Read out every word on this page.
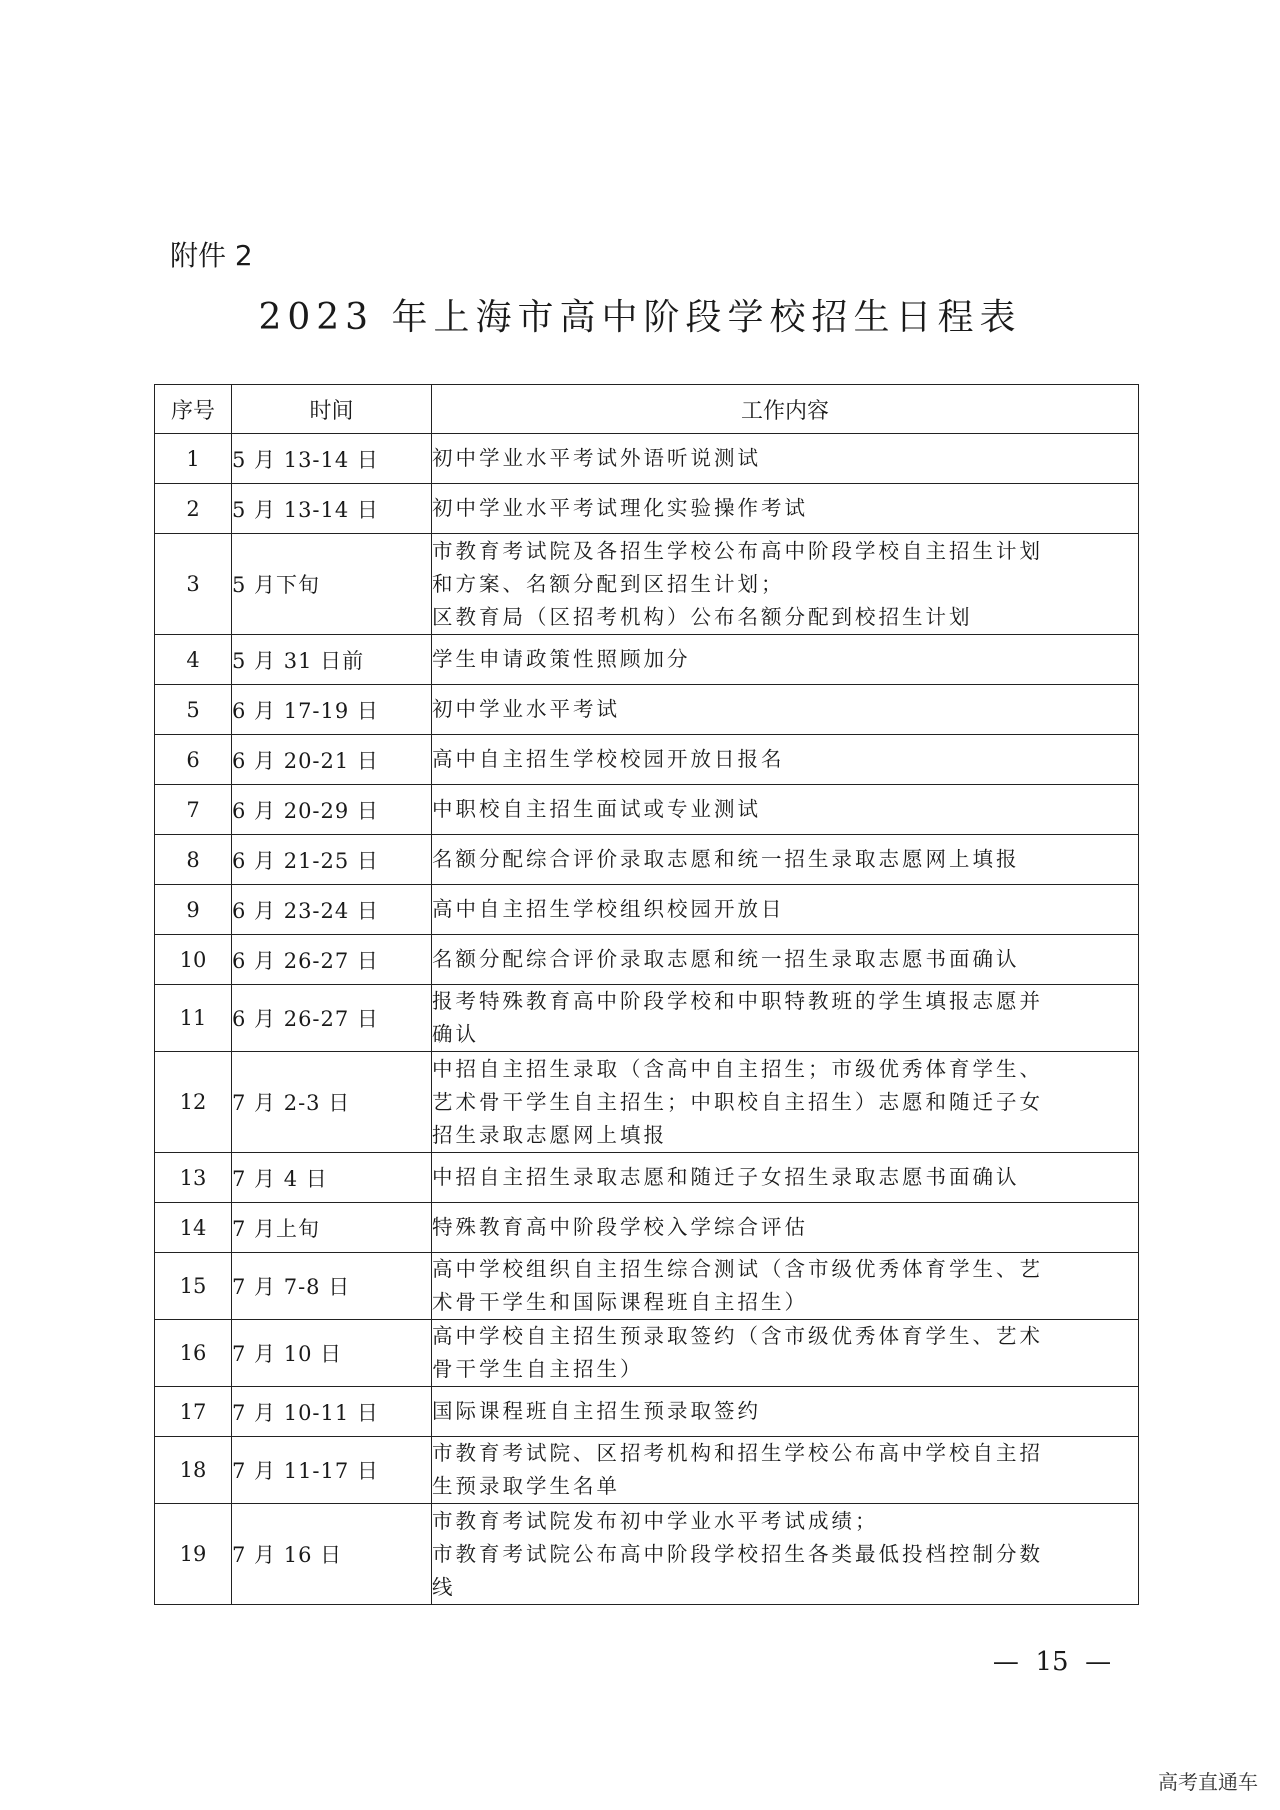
附件 2
2023 年上海市高中阶段学校招生日程表
序号	时间	工作内容
1	5 月 13-14 日	初中学业水平考试外语听说测试

2	5 月 13-14 日	初中学业水平考试理化实验操作考试

3	5 月下旬	市教育考试院及各招生学校公布高中阶段学校自主招生计划
和方案、名额分配到区招生计划；
区教育局（区招考机构）公布名额分配到校招生计划

4	5 月 31 日前	学生申请政策性照顾加分

5	6 月 17-19 日	初中学业水平考试

6	6 月 20-21 日	高中自主招生学校校园开放日报名

7	6 月 20-29 日	中职校自主招生面试或专业测试

8	6 月 21-25 日	名额分配综合评价录取志愿和统一招生录取志愿网上填报

9	6 月 23-24 日	高中自主招生学校组织校园开放日

10	6 月 26-27 日	名额分配综合评价录取志愿和统一招生录取志愿书面确认

11	6 月 26-27 日	报考特殊教育高中阶段学校和中职特教班的学生填报志愿并
确认

12	7 月 2-3 日	中招自主招生录取（含高中自主招生；市级优秀体育学生、
艺术骨干学生自主招生；中职校自主招生）志愿和随迁子女
招生录取志愿网上填报

13	7 月 4 日	中招自主招生录取志愿和随迁子女招生录取志愿书面确认

14	7 月上旬	特殊教育高中阶段学校入学综合评估

15	7 月 7-8 日	高中学校组织自主招生综合测试（含市级优秀体育学生、艺
术骨干学生和国际课程班自主招生）

16	7 月 10 日	高中学校自主招生预录取签约（含市级优秀体育学生、艺术
骨干学生自主招生）

17	7 月 10-11 日	国际课程班自主招生预录取签约

18	7 月 11-17 日	市教育考试院、区招考机构和招生学校公布高中学校自主招
生预录取学生名单

19	7 月 16 日	市教育考试院发布初中学业水平考试成绩；
市教育考试院公布高中阶段学校招生各类最低投档控制分数
线
—  15  —
高考直通车
